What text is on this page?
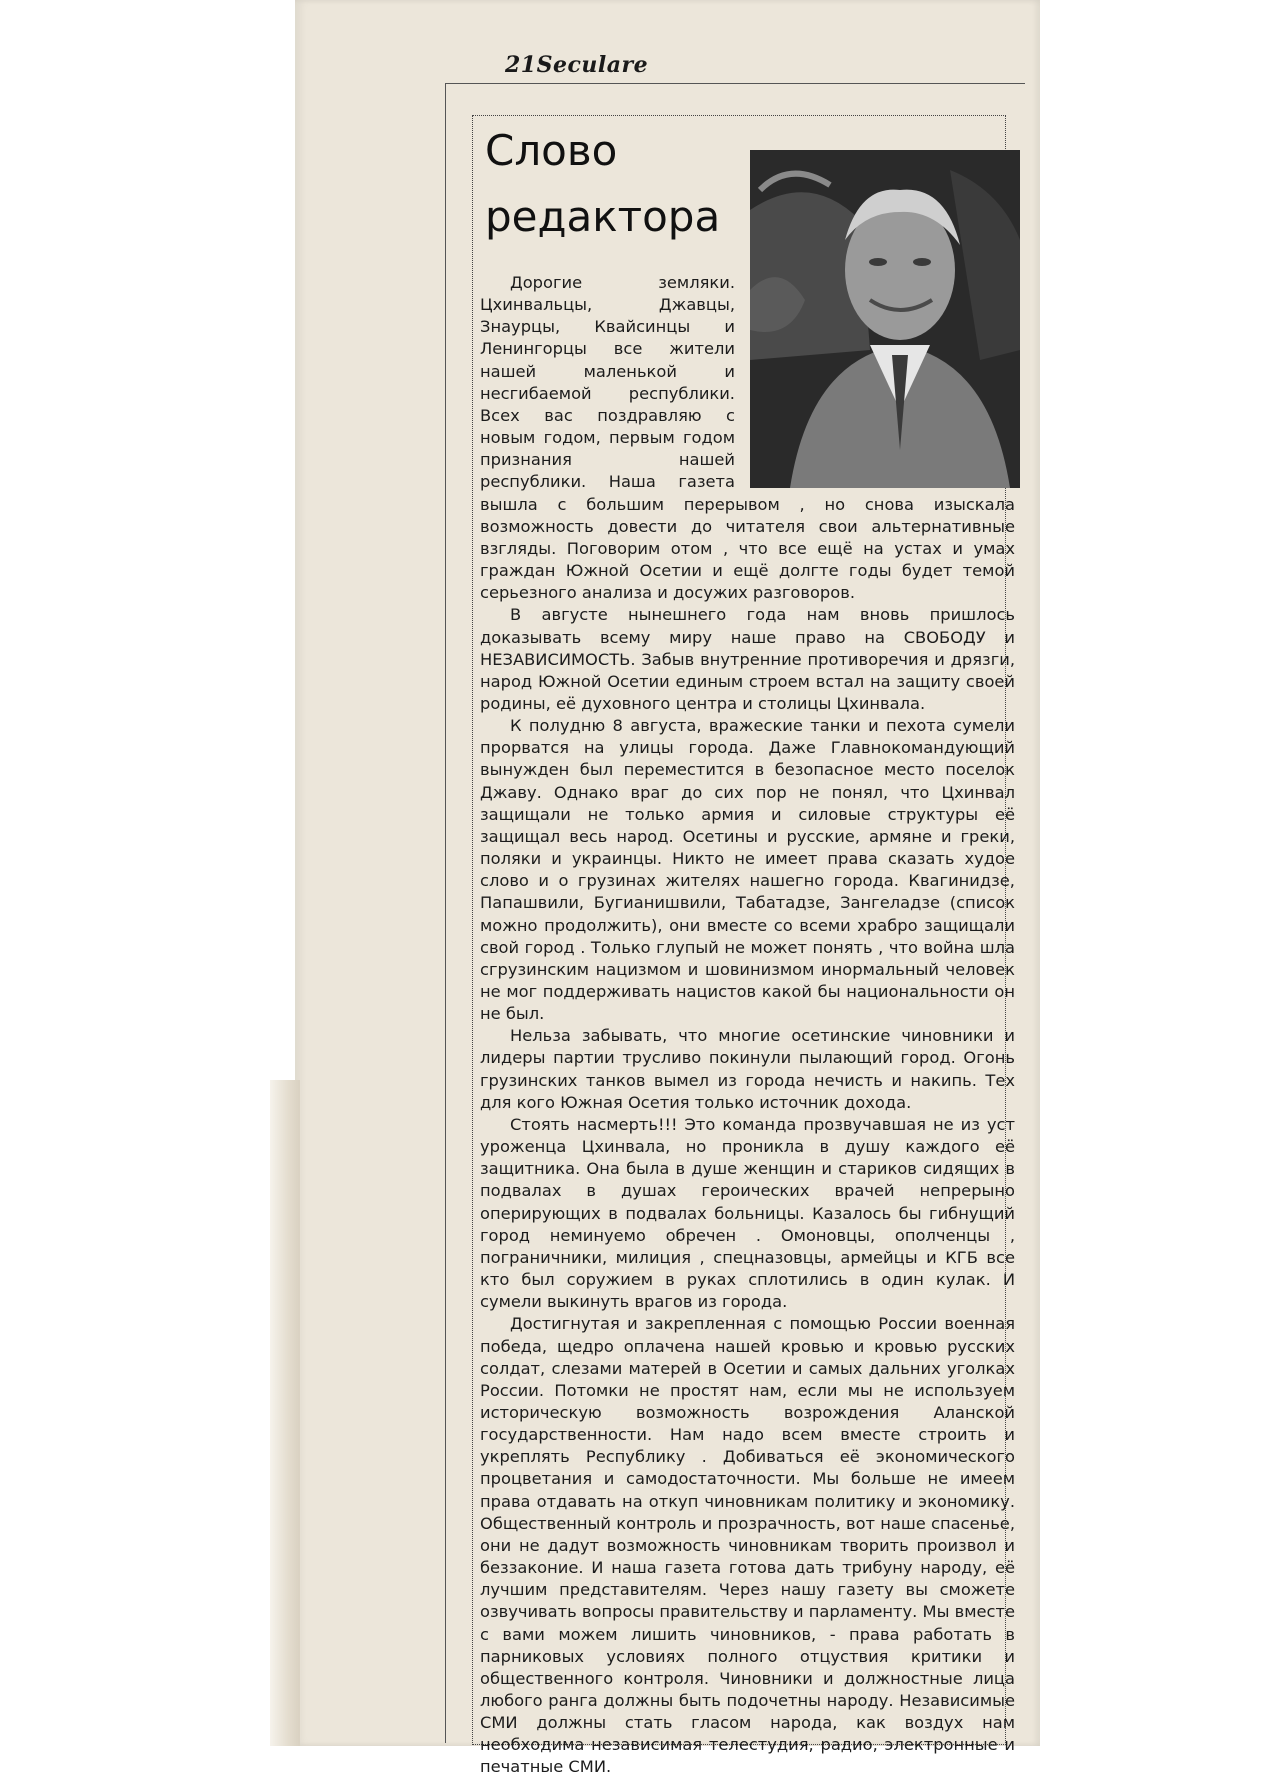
21Seculare
Слово
редактора

Дорогие земляки. Цхинвальцы, Джавцы, Знаурцы, Квайсинцы и Ленингорцы все жители нашей маленькой и несгибаемой республики. Всех вас поздравляю с новым годом, первым годом признания нашей республики. Наша газета вышла с большим перерывом , но снова изыскала возможность довести до читателя свои альтернативные взгляды. Поговорим отом , что все ещё на устах и умах граждан Южной Осетии и ещё долгте годы будет темой серьезного анализа и досужих разговоров.

В августе нынешнего года нам вновь пришлось доказывать всему миру наше право на СВОБОДУ и НЕЗАВИСИМОСТЬ. Забыв внутренние противоречия и дрязги, народ Южной Осетии единым строем встал на защиту своей родины, её духовного центра и столицы Цхинвала.

К полудню 8 августа, вражеские танки и пехота сумели прорватся на улицы города. Даже Главнокомандующий вынужден был переместится в безопасное место поселок Джаву. Однако враг до сих пор не понял, что Цхинвал защищали не только армия и силовые структуры её защищал весь народ. Осетины и русские, армяне и греки, поляки и украинцы. Никто не имеет права сказать худое слово и о грузинах жителях нашегно города. Квагинидзе, Папашвили, Бугианишвили, Табатадзе, Зангеладзе (список можно продолжить), они вместе со всеми храбро защищали свой город . Только глупый не может понять , что война шла сгрузинским нацизмом и шовинизмом инормальный человек не мог поддерживать нацистов какой бы национальности он не был.

Нельза забывать, что многие осетинские чиновники и лидеры партии трусливо покинули пылающий город. Огонь грузинских танков вымел из города нечисть и накипь. Тех для кого Южная Осетия только источник дохода.

Стоять насмерть!!! Это команда прозвучавшая не из уст уроженца Цхинвала, но проникла в душу каждого её защитника. Она была в душе женщин и стариков сидящих в подвалах в душах героических врачей непрерыно оперирующих в подвалах больницы. Казалось бы гибнущий город неминуемо обречен . Омоновцы, ополченцы , пограничники, милиция , спецназовцы, армейцы и КГБ все кто был соружием в руках сплотились в один кулак. И сумели выкинуть врагов из города.

Достигнутая и закрепленная с помощью России военная победа, щедро оплачена нашей кровью и кровью русских солдат, слезами матерей в Осетии и самых дальних уголках России. Потомки не простят нам, если мы не используем историческую возможность возрождения Аланской государственности. Нам надо всем вместе строить и укреплять Республику . Добиваться её экономического процветания и самодостаточности. Мы больше не имеем права отдавать на откуп чиновникам политику и экономику. Общественный контроль и прозрачность, вот наше спасенье, они не дадут возможность чиновникам творить произвол и беззаконие. И наша газета готова дать трибуну народу, её лучшим представителям. Через нашу газету вы сможете озвучивать вопросы правительству и парламенту. Мы вместе с вами можем лишить чиновников, - права работать в парниковых условиях полного отцуствия критики и общественного контроля. Чиновники и должностные лица любого ранга должны быть подочетны народу. Независимые СМИ должны стать гласом народа, как воздух нам необходима независимая телестудия, радио, электронные и печатные СМИ.
